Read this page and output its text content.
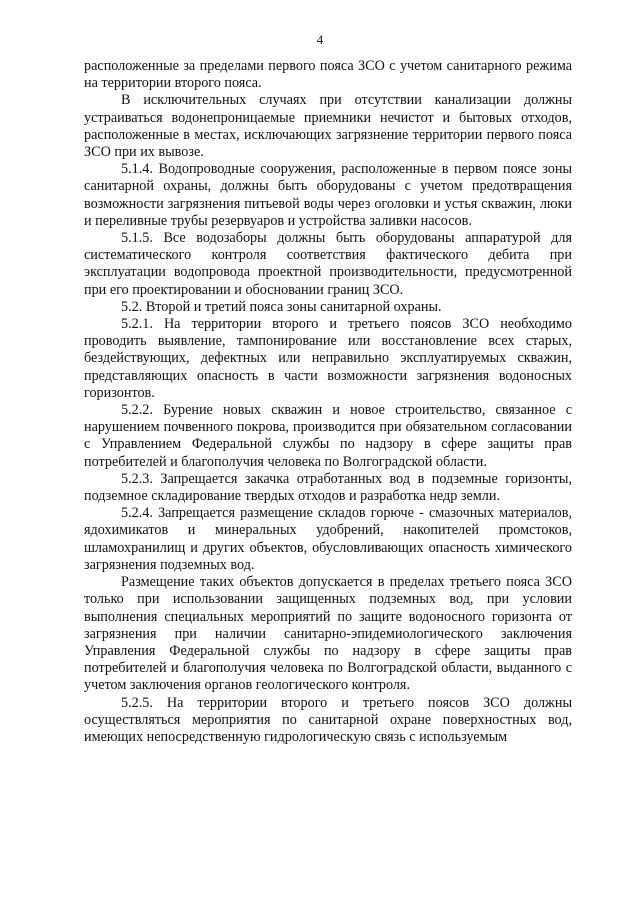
4

расположенные за пределами первого пояса ЗСО с учетом санитарного режима на территории второго пояса.

В исключительных случаях при отсутствии канализации должны устраиваться водонепроницаемые приемники нечистот и бытовых отходов, расположенные в местах, исключающих загрязнение территории первого пояса ЗСО при их вывозе.

5.1.4. Водопроводные сооружения, расположенные в первом поясе зоны санитарной охраны, должны быть оборудованы с учетом предотвращения возможности загрязнения питьевой воды через оголовки и устья скважин, люки и переливные трубы резервуаров и устройства заливки насосов.

5.1.5. Все водозаборы должны быть оборудованы аппаратурой для систематического контроля соответствия фактического дебита при эксплуатации водопровода проектной производительности, предусмотренной при его проектировании и обосновании границ ЗСО.

5.2. Второй и третий пояса зоны санитарной охраны.

5.2.1. На территории второго и третьего поясов ЗСО необходимо проводить выявление, тампонирование или восстановление всех старых, бездействующих, дефектных или неправильно эксплуатируемых скважин, представляющих опасность в части возможности загрязнения водоносных горизонтов.

5.2.2. Бурение новых скважин и новое строительство, связанное с нарушением почвенного покрова, производится при обязательном согласовании с Управлением Федеральной службы по надзору в сфере защиты прав потребителей и благополучия человека по Волгоградской области.

5.2.3. Запрещается закачка отработанных вод в подземные горизонты, подземное складирование твердых отходов и разработка недр земли.

5.2.4. Запрещается размещение складов горюче - смазочных материалов, ядохимикатов и минеральных удобрений, накопителей промстоков, шламохранилищ и других объектов, обусловливающих опасность химического загрязнения подземных вод.

Размещение таких объектов допускается в пределах третьего пояса ЗСО только при использовании защищенных подземных вод, при условии выполнения специальных мероприятий по защите водоносного горизонта от загрязнения при наличии санитарно-эпидемиологического заключения Управления Федеральной службы по надзору в сфере защиты прав потребителей и благополучия человека по Волгоградской области, выданного с учетом заключения органов геологического контроля.

5.2.5. На территории второго и третьего поясов ЗСО должны осуществляться мероприятия по санитарной охране поверхностных вод, имеющих непосредственную гидрологическую связь с используемым
